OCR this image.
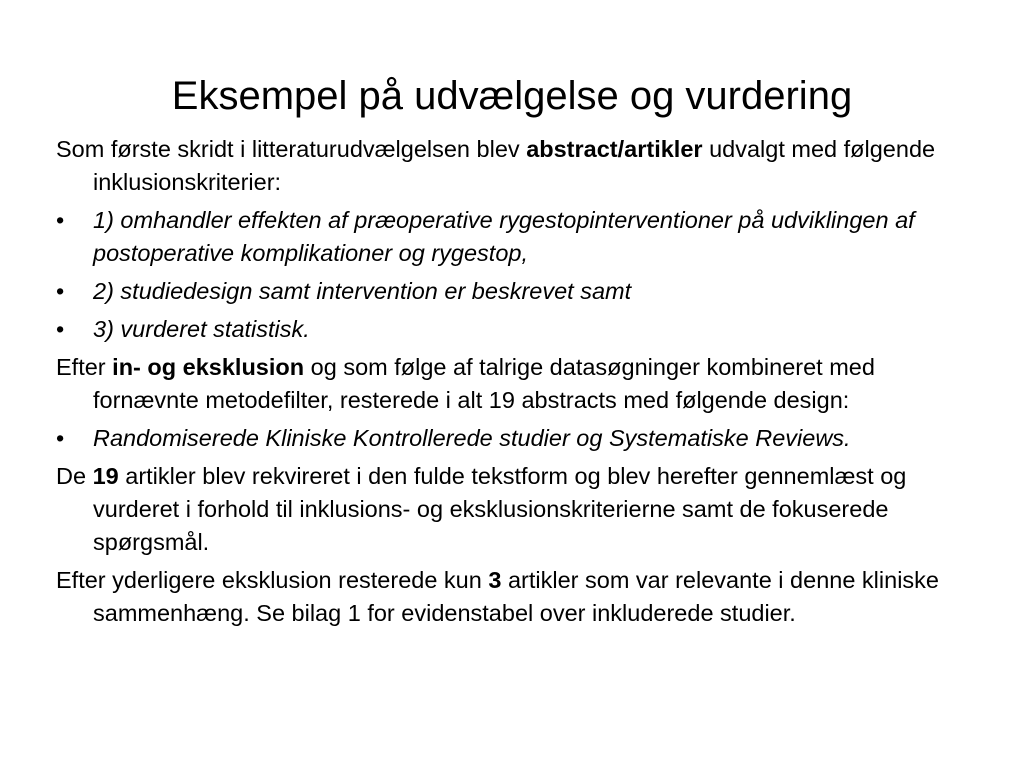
Eksempel på udvælgelse og vurdering

Som første skridt i litteraturudvælgelsen blev abstract/artikler udvalgt med følgende inklusionskriterier:

• 1) omhandler effekten af præoperative rygestopinterventioner på udviklingen af postoperative komplikationer og rygestop,
• 2) studiedesign samt intervention er beskrevet samt
• 3) vurderet statistisk.

Efter in- og eksklusion og som følge af talrige datasøgninger kombineret med fornævnte metodefilter, resterede i alt 19 abstracts med følgende design:

• Randomiserede Kliniske Kontrollerede studier og Systematiske Reviews.

De 19 artikler blev rekvireret i den fulde tekstform og blev herefter gennemlæst og vurderet i forhold til inklusions- og eksklusionskriterierne samt de fokuserede spørgsmål.

Efter yderligere eksklusion resterede kun 3 artikler som var relevante i denne kliniske sammenhæng. Se bilag 1 for evidenstabel over inkluderede studier.
